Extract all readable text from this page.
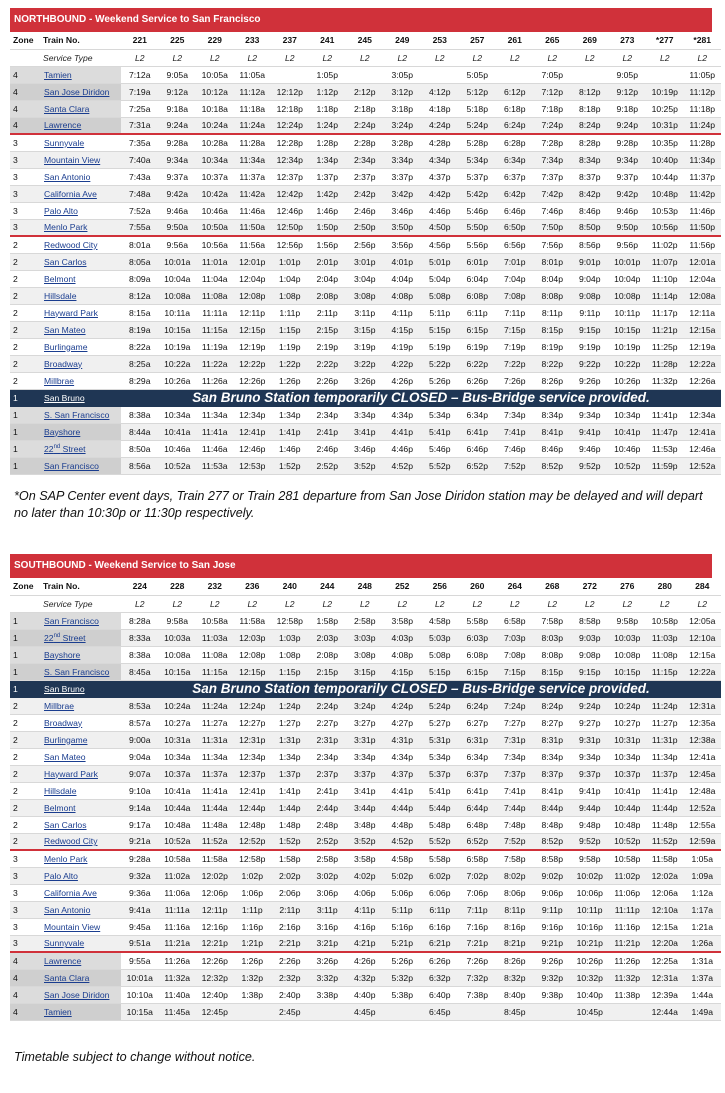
NORTHBOUND - Weekend Service to San Francisco
Zone	Train No.	221	225	229	233	237	241	245	249	253	257	261	265	269	273	*277	*281
	Service Type	L2	L2	L2	L2	L2	L2	L2	L2	L2	L2	L2	L2	L2	L2	L2	L2
4	Tamien	7:12a	9:05a	10:05a	11:05a		1:05p		3:05p		5:05p		7:05p		9:05p		11:05p
4	San Jose Diridon	7:19a	9:12a	10:12a	11:12a	12:12p	1:12p	2:12p	3:12p	4:12p	5:12p	6:12p	7:12p	8:12p	9:12p	10:19p	11:12p
4	Santa Clara	7:25a	9:18a	10:18a	11:18a	12:18p	1:18p	2:18p	3:18p	4:18p	5:18p	6:18p	7:18p	8:18p	9:18p	10:25p	11:18p
4	Lawrence	7:31a	9:24a	10:24a	11:24a	12:24p	1:24p	2:24p	3:24p	4:24p	5:24p	6:24p	7:24p	8:24p	9:24p	10:31p	11:24p
3	Sunnyvale	7:35a	9:28a	10:28a	11:28a	12:28p	1:28p	2:28p	3:28p	4:28p	5:28p	6:28p	7:28p	8:28p	9:28p	10:35p	11:28p
3	Mountain View	7:40a	9:34a	10:34a	11:34a	12:34p	1:34p	2:34p	3:34p	4:34p	5:34p	6:34p	7:34p	8:34p	9:34p	10:40p	11:34p
3	San Antonio	7:43a	9:37a	10:37a	11:37a	12:37p	1:37p	2:37p	3:37p	4:37p	5:37p	6:37p	7:37p	8:37p	9:37p	10:44p	11:37p
3	California Ave	7:48a	9:42a	10:42a	11:42a	12:42p	1:42p	2:42p	3:42p	4:42p	5:42p	6:42p	7:42p	8:42p	9:42p	10:48p	11:42p
3	Palo Alto	7:52a	9:46a	10:46a	11:46a	12:46p	1:46p	2:46p	3:46p	4:46p	5:46p	6:46p	7:46p	8:46p	9:46p	10:53p	11:46p
3	Menlo Park	7:55a	9:50a	10:50a	11:50a	12:50p	1:50p	2:50p	3:50p	4:50p	5:50p	6:50p	7:50p	8:50p	9:50p	10:56p	11:50p
2	Redwood City	8:01a	9:56a	10:56a	11:56a	12:56p	1:56p	2:56p	3:56p	4:56p	5:56p	6:56p	7:56p	8:56p	9:56p	11:02p	11:56p
2	San Carlos	8:05a	10:01a	11:01a	12:01p	1:01p	2:01p	3:01p	4:01p	5:01p	6:01p	7:01p	8:01p	9:01p	10:01p	11:07p	12:01a
2	Belmont	8:09a	10:04a	11:04a	12:04p	1:04p	2:04p	3:04p	4:04p	5:04p	6:04p	7:04p	8:04p	9:04p	10:04p	11:10p	12:04a
2	Hillsdale	8:12a	10:08a	11:08a	12:08p	1:08p	2:08p	3:08p	4:08p	5:08p	6:08p	7:08p	8:08p	9:08p	10:08p	11:14p	12:08a
2	Hayward Park	8:15a	10:11a	11:11a	12:11p	1:11p	2:11p	3:11p	4:11p	5:11p	6:11p	7:11p	8:11p	9:11p	10:11p	11:17p	12:11a
2	San Mateo	8:19a	10:15a	11:15a	12:15p	1:15p	2:15p	3:15p	4:15p	5:15p	6:15p	7:15p	8:15p	9:15p	10:15p	11:21p	12:15a
2	Burlingame	8:22a	10:19a	11:19a	12:19p	1:19p	2:19p	3:19p	4:19p	5:19p	6:19p	7:19p	8:19p	9:19p	10:19p	11:25p	12:19a
2	Broadway	8:25a	10:22a	11:22a	12:22p	1:22p	2:22p	3:22p	4:22p	5:22p	6:22p	7:22p	8:22p	9:22p	10:22p	11:28p	12:22a
2	Millbrae	8:29a	10:26a	11:26a	12:26p	1:26p	2:26p	3:26p	4:26p	5:26p	6:26p	7:26p	8:26p	9:26p	10:26p	11:32p	12:26a
1	San Bruno	San Bruno Station temporarily CLOSED – Bus-Bridge service provided.															
1	S. San Francisco	8:38a	10:34a	11:34a	12:34p	1:34p	2:34p	3:34p	4:34p	5:34p	6:34p	7:34p	8:34p	9:34p	10:34p	11:41p	12:34a
1	Bayshore	8:44a	10:41a	11:41a	12:41p	1:41p	2:41p	3:41p	4:41p	5:41p	6:41p	7:41p	8:41p	9:41p	10:41p	11:47p	12:41a
1	22nd Street	8:50a	10:46a	11:46a	12:46p	1:46p	2:46p	3:46p	4:46p	5:46p	6:46p	7:46p	8:46p	9:46p	10:46p	11:53p	12:46a
1	San Francisco	8:56a	10:52a	11:53a	12:53p	1:52p	2:52p	3:52p	4:52p	5:52p	6:52p	7:52p	8:52p	9:52p	10:52p	11:59p	12:52a
*On SAP Center event days, Train 277 or Train 281 departure from San Jose Diridon station may be delayed and will depart no later than 10:30p or 11:30p respectively.
SOUTHBOUND - Weekend Service to San Jose
Zone	Train No.	224	228	232	236	240	244	248	252	256	260	264	268	272	276	280	284
	Service Type	L2	L2	L2	L2	L2	L2	L2	L2	L2	L2	L2	L2	L2	L2	L2	L2
1	San Francisco	8:28a	9:58a	10:58a	11:58a	12:58p	1:58p	2:58p	3:58p	4:58p	5:58p	6:58p	7:58p	8:58p	9:58p	10:58p	12:05a
1	22nd Street	8:33a	10:03a	11:03a	12:03p	1:03p	2:03p	3:03p	4:03p	5:03p	6:03p	7:03p	8:03p	9:03p	10:03p	11:03p	12:10a
1	Bayshore	8:38a	10:08a	11:08a	12:08p	1:08p	2:08p	3:08p	4:08p	5:08p	6:08p	7:08p	8:08p	9:08p	10:08p	11:08p	12:15a
1	S. San Francisco	8:45a	10:15a	11:15a	12:15p	1:15p	2:15p	3:15p	4:15p	5:15p	6:15p	7:15p	8:15p	9:15p	10:15p	11:15p	12:22a
1	San Bruno	San Bruno Station temporarily CLOSED – Bus-Bridge service provided.															
2	Millbrae	8:53a	10:24a	11:24a	12:24p	1:24p	2:24p	3:24p	4:24p	5:24p	6:24p	7:24p	8:24p	9:24p	10:24p	11:24p	12:31a
2	Broadway	8:57a	10:27a	11:27a	12:27p	1:27p	2:27p	3:27p	4:27p	5:27p	6:27p	7:27p	8:27p	9:27p	10:27p	11:27p	12:35a
2	Burlingame	9:00a	10:31a	11:31a	12:31p	1:31p	2:31p	3:31p	4:31p	5:31p	6:31p	7:31p	8:31p	9:31p	10:31p	11:31p	12:38a
2	San Mateo	9:04a	10:34a	11:34a	12:34p	1:34p	2:34p	3:34p	4:34p	5:34p	6:34p	7:34p	8:34p	9:34p	10:34p	11:34p	12:41a
2	Hayward Park	9:07a	10:37a	11:37a	12:37p	1:37p	2:37p	3:37p	4:37p	5:37p	6:37p	7:37p	8:37p	9:37p	10:37p	11:37p	12:45a
2	Hillsdale	9:10a	10:41a	11:41a	12:41p	1:41p	2:41p	3:41p	4:41p	5:41p	6:41p	7:41p	8:41p	9:41p	10:41p	11:41p	12:48a
2	Belmont	9:14a	10:44a	11:44a	12:44p	1:44p	2:44p	3:44p	4:44p	5:44p	6:44p	7:44p	8:44p	9:44p	10:44p	11:44p	12:52a
2	San Carlos	9:17a	10:48a	11:48a	12:48p	1:48p	2:48p	3:48p	4:48p	5:48p	6:48p	7:48p	8:48p	9:48p	10:48p	11:48p	12:55a
2	Redwood City	9:21a	10:52a	11:52a	12:52p	1:52p	2:52p	3:52p	4:52p	5:52p	6:52p	7:52p	8:52p	9:52p	10:52p	11:52p	12:59a
3	Menlo Park	9:28a	10:58a	11:58a	12:58p	1:58p	2:58p	3:58p	4:58p	5:58p	6:58p	7:58p	8:58p	9:58p	10:58p	11:58p	1:05a
3	Palo Alto	9:32a	11:02a	12:02p	1:02p	2:02p	3:02p	4:02p	5:02p	6:02p	7:02p	8:02p	9:02p	10:02p	11:02p	12:02a	1:09a
3	California Ave	9:36a	11:06a	12:06p	1:06p	2:06p	3:06p	4:06p	5:06p	6:06p	7:06p	8:06p	9:06p	10:06p	11:06p	12:06a	1:12a
3	San Antonio	9:41a	11:11a	12:11p	1:11p	2:11p	3:11p	4:11p	5:11p	6:11p	7:11p	8:11p	9:11p	10:11p	11:11p	12:10a	1:17a
3	Mountain View	9:45a	11:16a	12:16p	1:16p	2:16p	3:16p	4:16p	5:16p	6:16p	7:16p	8:16p	9:16p	10:16p	11:16p	12:15a	1:21a
3	Sunnyvale	9:51a	11:21a	12:21p	1:21p	2:21p	3:21p	4:21p	5:21p	6:21p	7:21p	8:21p	9:21p	10:21p	11:21p	12:20a	1:26a
4	Lawrence	9:55a	11:26a	12:26p	1:26p	2:26p	3:26p	4:26p	5:26p	6:26p	7:26p	8:26p	9:26p	10:26p	11:26p	12:25a	1:31a
4	Santa Clara	10:01a	11:32a	12:32p	1:32p	2:32p	3:32p	4:32p	5:32p	6:32p	7:32p	8:32p	9:32p	10:32p	11:32p	12:31a	1:37a
4	San Jose Diridon	10:10a	11:40a	12:40p	1:38p	2:40p	3:38p	4:40p	5:38p	6:40p	7:38p	8:40p	9:38p	10:40p	11:38p	12:39a	1:44a
4	Tamien	10:15a	11:45a	12:45p		2:45p		4:45p		6:45p		8:45p		10:45p		12:44a	1:49a
Timetable subject to change without notice.
